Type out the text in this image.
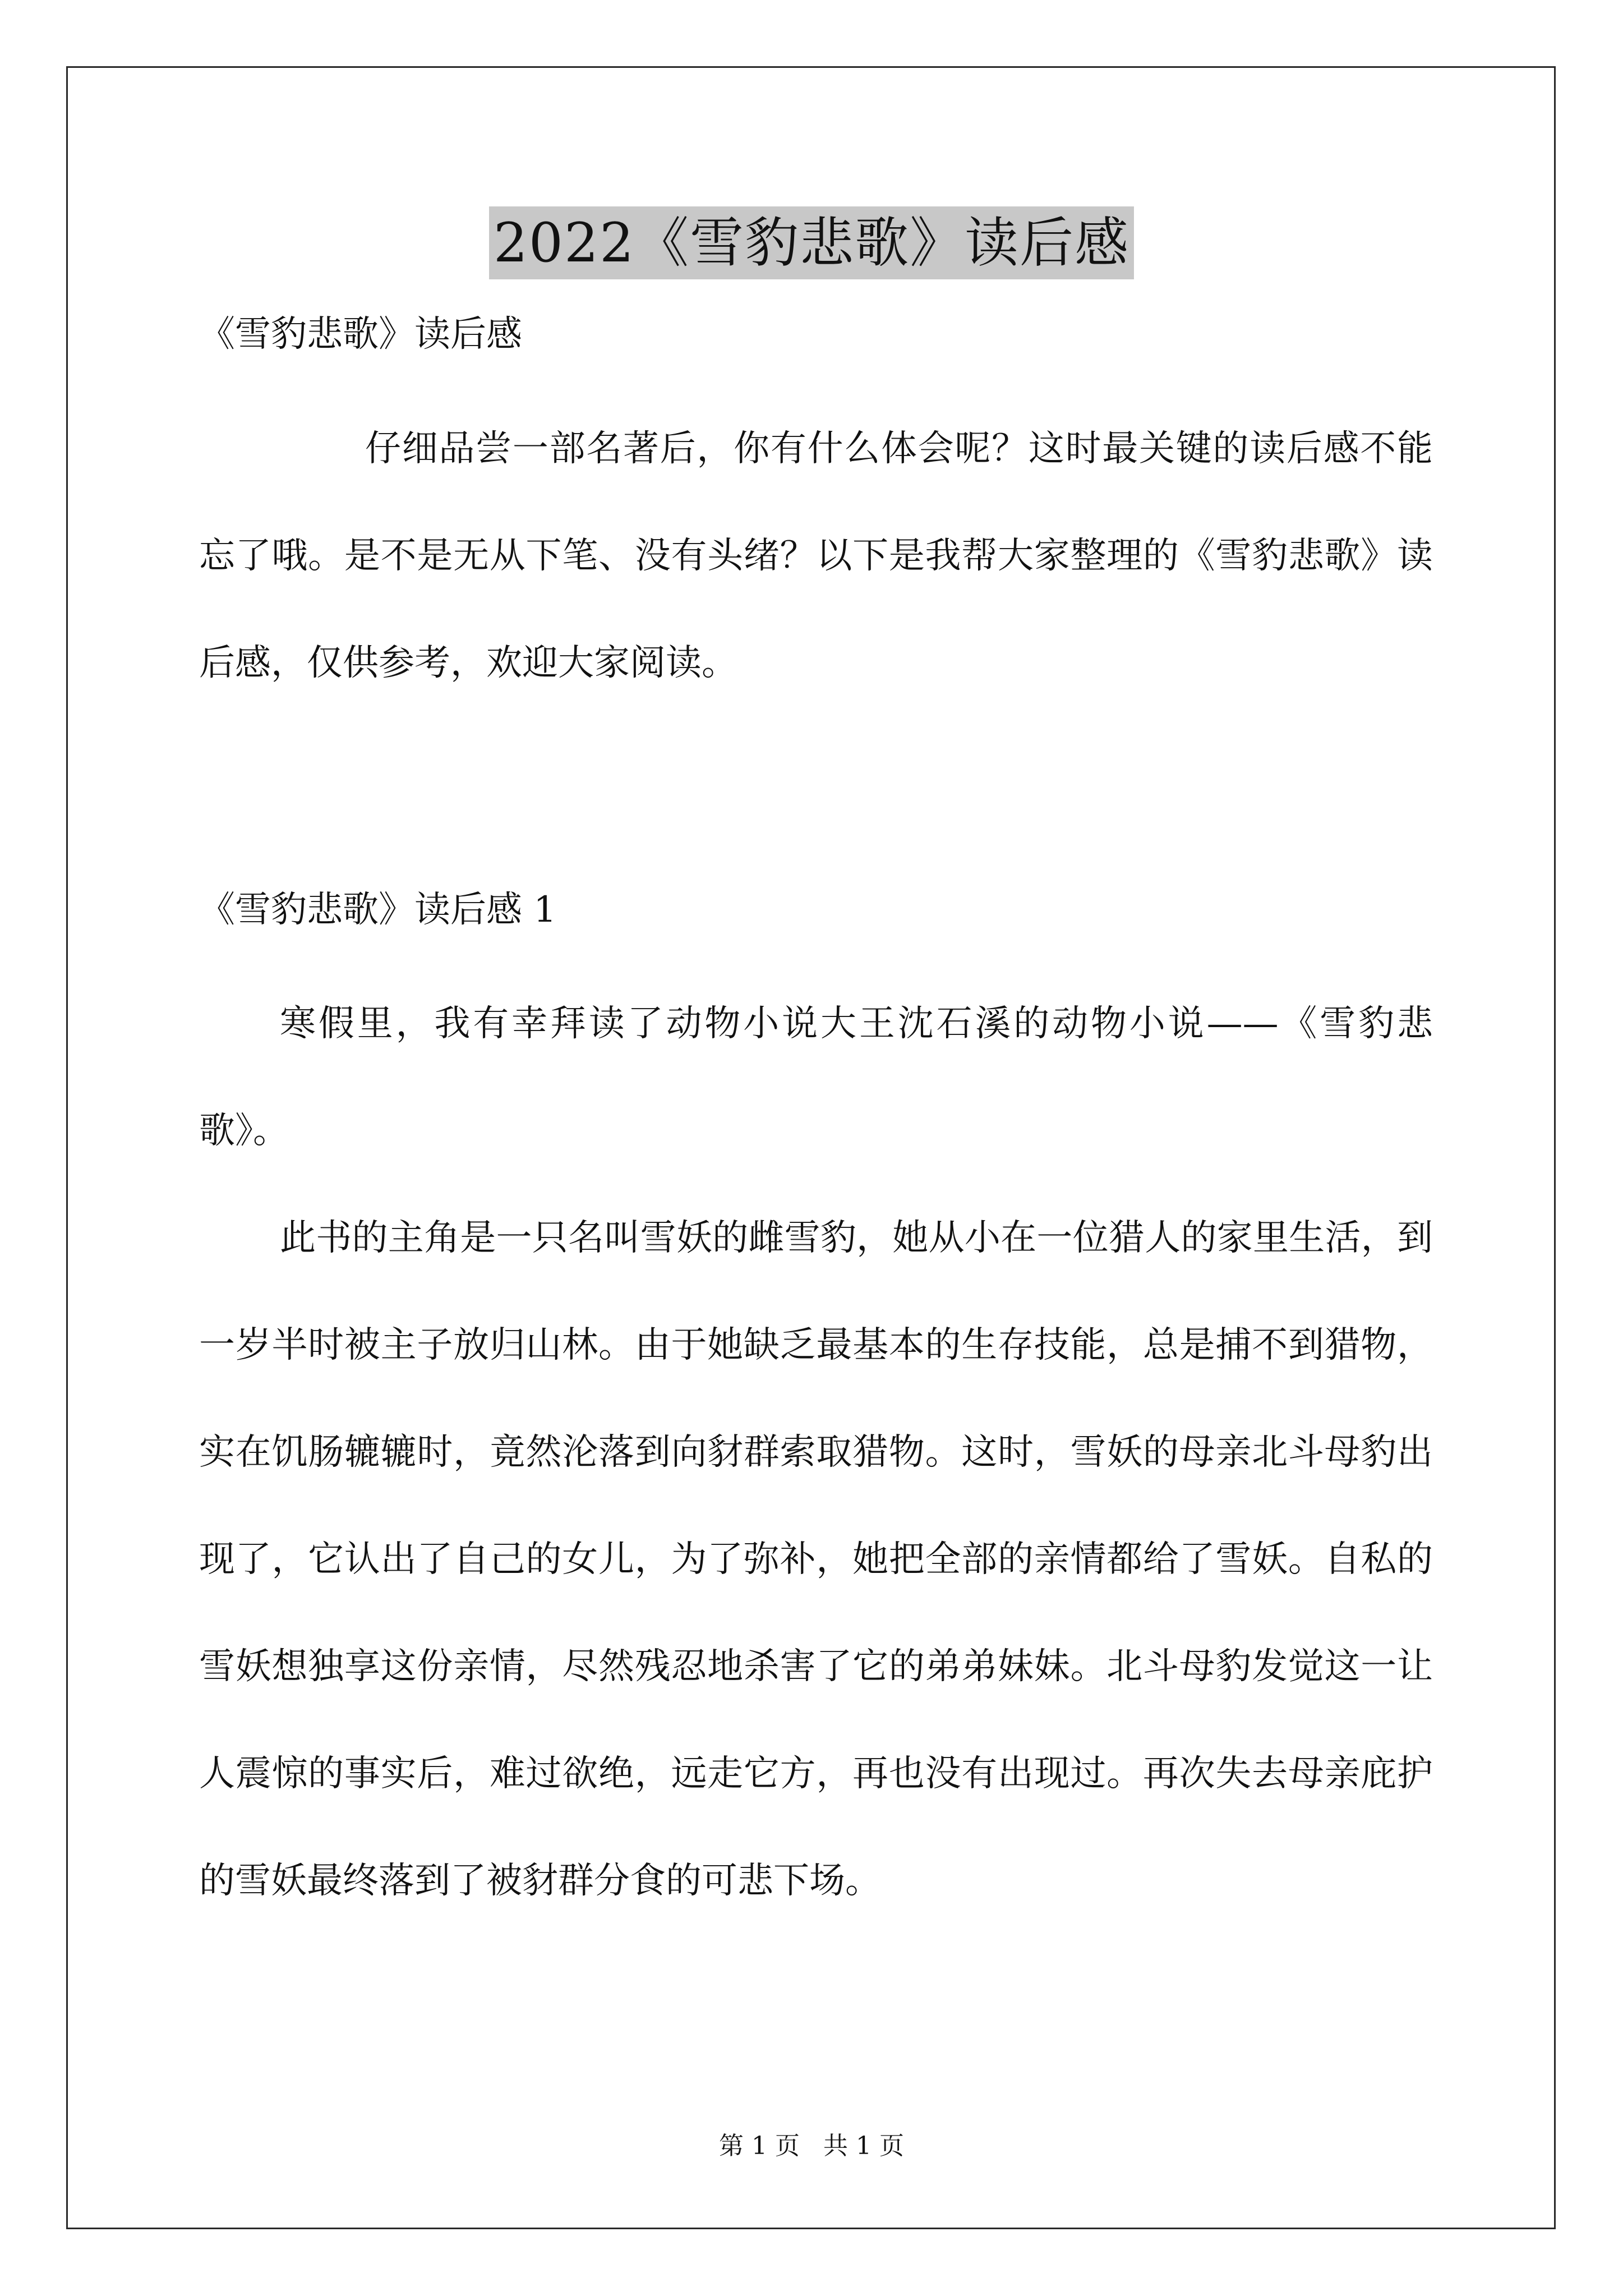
2022《雪豹悲歌》读后感
《雪豹悲歌》读后感

仔细品尝一部名著后，你有什么体会呢？这时最关键的读后感不能忘了哦。是不是无从下笔、没有头绪？以下是我帮大家整理的《雪豹悲歌》读后感，仅供参考，欢迎大家阅读。

《雪豹悲歌》读后感 1

寒假里，我有幸拜读了动物小说大王沈石溪的动物小说——《雪豹悲歌》。

此书的主角是一只名叫雪妖的雌雪豹，她从小在一位猎人的家里生活，到一岁半时被主子放归山林。由于她缺乏最基本的生存技能，总是捕不到猎物，实在饥肠辘辘时，竟然沦落到向豺群索取猎物。这时，雪妖的母亲北斗母豹出现了，它认出了自己的女儿，为了弥补，她把全部的亲情都给了雪妖。自私的雪妖想独享这份亲情，尽然残忍地杀害了它的弟弟妹妹。北斗母豹发觉这一让人震惊的事实后，难过欲绝，远走它方，再也没有出现过。再次失去母亲庇护的雪妖最终落到了被豺群分食的可悲下场。

第 1 页 共 1 页
